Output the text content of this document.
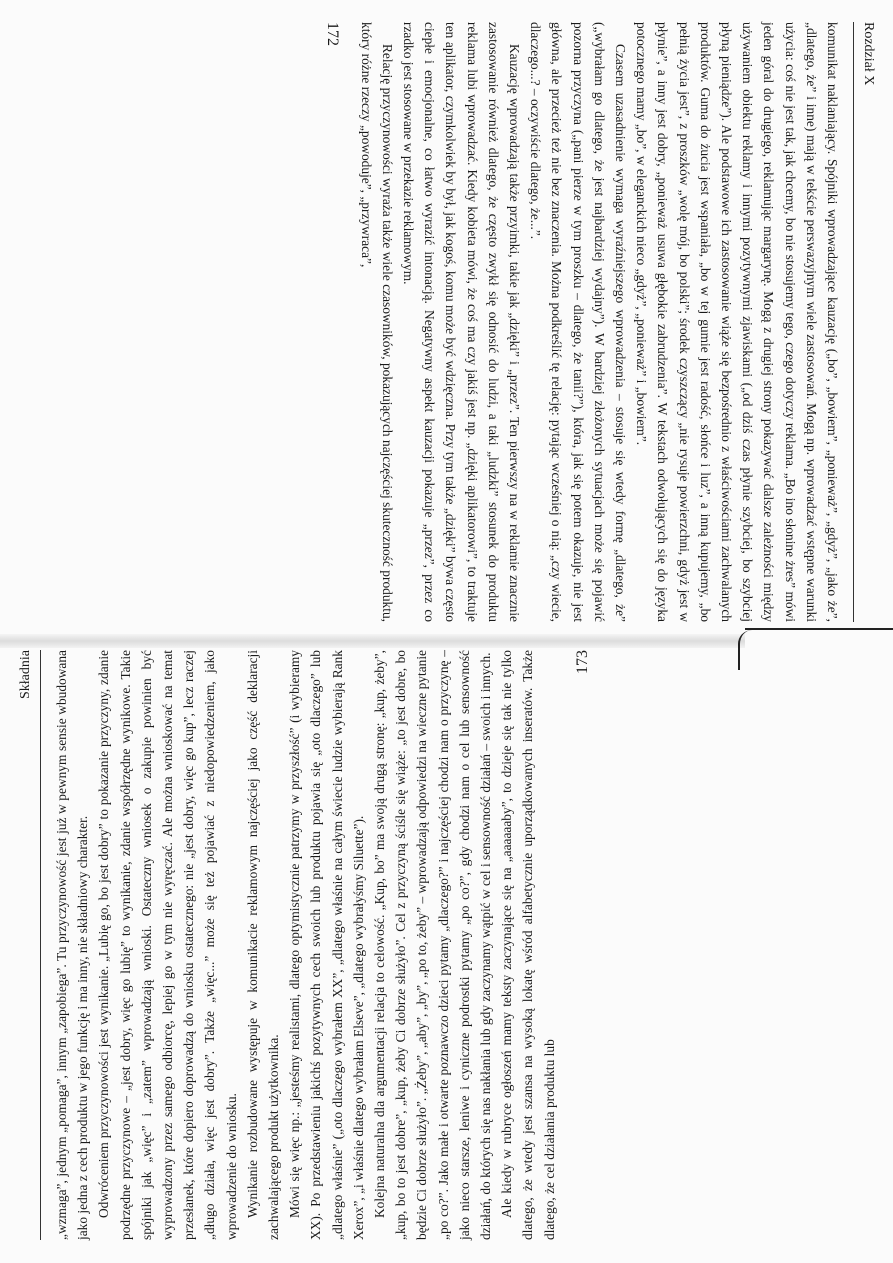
Rozdział X

komunikat naklaniający. Spójniki wprowadzające kauzację („bo”, „bowiem”, „ponieważ”, „gdyż”, „jako że”, „dlatego, że” i inne) mają w tekście perswazyjnym wiele zastosowań. Mogą np. wprowadzać wstępne warunki użycia: coś nie jest tak, jak chcemy, bo nie stosujemy tego, czego dotyczy reklama. „Bo ino słonine żres” mówi jeden góral do drugiego, reklamując margarynę. Mogą z drugiej strony pokazywać dalsze zależności między używaniem obiektu reklamy i innymi pozytywnymi zjawiskami („od dziś czas płynie szybciej, bo szybciej płyną pieniądze”). Ale podstawowe ich zastosowanie wiąże się bezpośrednio z właściwościami zachwalanych produktów. Guma do żucia jest wspaniała, „bo w tej gumie jest radość, słońce i luz”, a inną kupujemy, „bo pełnią życia jest”, z proszków „wolę mój, bo polski”; środek czyszczący „nie rysuje powierzchni, gdyż jest w płynie”, a inny jest dobry, „ponieważ usuwa głębokie zabrudzenia”. W tekstach odwołujących się do języka potocznego mamy „bo”, w eleganckich nieco „gdyż”, „ponieważ” i „bowiem”.

Czasem uzasadnienie wymaga wyraźniejszego wprowadzenia – stosuje się wtedy formę „dlatego, że” („wybrałam go dlatego, że jest najbardziej wydajny”). W bardziej złożonych sytuacjach może się pojawić pozorna przyczyna („pani pierze w tym proszku – dlatego, że tanii?”), która, jak się potem okazuje, nie jest główna, ale przecież też nie bez znaczenia. Można podkreślić tę relację: pytając wcześniej o nią: „czy wiecie, dlaczego...? – oczywiście dlatego, że...”.

Kauzację wprowadzają także przyimki, takie jak „dzięki” i „przez”. Ten pierwszy na w reklamie znacznie zastosowanie również dlatego, że często zwykł się odnosić do ludzi, a taki „ludzki” stosunek do produktu reklama lubi wprowadzać. Kiedy kobieta mówi, że coś ma czy jakiś jest np. „dzięki aplikatorowi”, to traktuje ten aplikator, czymkolwiek by był, jak kogoś, komu może być wdzięczna. Przy tym także „dzięki” bywa często ciepłe i emocjonalne, co łatwo wyrazić intonacją. Negatywny aspekt kauzacji pokazuje „przez”, przez co rzadko jest stosowane w przekazie reklamowym.

Relację przyczynowości wyraża także wiele czasowników, pokazujących najczęściej skuteczność produktu, który różne rzeczy „powoduje”, „przywraca”,

172
Składnia „wzmaga”, jednym „pomaga”, innym „zapobiega”. Tu przyczynowość jest już w pewnym sensie wbudowana jako jedna z cech produktu w jego funkcję i ma inny, nie składniowy charakter. Odwróceniem przyczynowości jest wynikanie. „Lubię go, bo jest dobry” to pokazanie przyczyny, zdanie podrzędne przyczynowe – „jest dobry, więc go lubię” to wynikanie, zdanie współrzędne wynikowe. Takie spójniki jak „więc” i „zatem” wprowadzają wnioski. Ostateczny wniosek o zakupie powinien być wyprowadzony przez samego odbiorcę, lepiej go w tym nie wyręczać. Ale można wnioskować na temat przesłanek, które dopiero doprowadzą do wniosku ostatecznego: nie „jest dobry, więc go kup”, lecz raczej „długo działa, więc jest dobry”. Także „więc...” może się też pojawiać z niedopowiedzeniem, jako wprowadzenie do wniosku. Wynikanie rozbudowane występuje w komunikacie reklamowym najczęściej jako część deklaracji zachwalającego produkt użytkownika. Mówi się więc np.: „jesteśmy realistami, dlatego optymistycznie patrzymy w przyszłość” (i wybieramy XX). Po przedstawieniu jakichś pozytywnych cech swoich lub produktu pojawia się „oto dlaczego” lub „dlatego właśnie” („oto dlaczego wybrałem XX”, „dlatego właśnie na całym świecie ludzie wybierają Rank Xerox”, „i właśnie dlatego wybrałam Elseve”, „dlatego wybrałyśmy Siluette”). Kolejna naturalna dla argumentacji relacja to celowość. „Kup, bo” ma swoją drugą stronę: „kup, żeby”, „kup, bo to jest dobre”, „kup, żeby Ci dobrze służyło”. Cel z przyczyną ściśle się wiąże: „to jest dobre, bo będzie Ci dobrze służyło”. „Żeby”, „aby”, „by”, „po to, żeby” – wprowadzają odpowiedzi na wieczne pytanie „po co?”. Jako małe i otwarte poznawczo dzieci pytamy „dlaczego?” i najczęściej chodzi nam o przyczynę – jako nieco starsze, leniwe i cyniczne podrostki pytamy „po co?”, gdy chodzi nam o cel lub sensowność działań, do których się nas nakłania lub gdy zaczynamy wątpić w cel i sensowność działań – swoich i innych. Ale kiedy w rubryce ogłoszeń mamy teksty zaczynające się na „aaaaaaby”, to dzieje się tak nie tylko dlatego, że wtedy jest szansa na wysoką lokatę wśród alfabetycznie uporządkowanych inseratów. Także dlatego, że cel działania produktu lub

173
